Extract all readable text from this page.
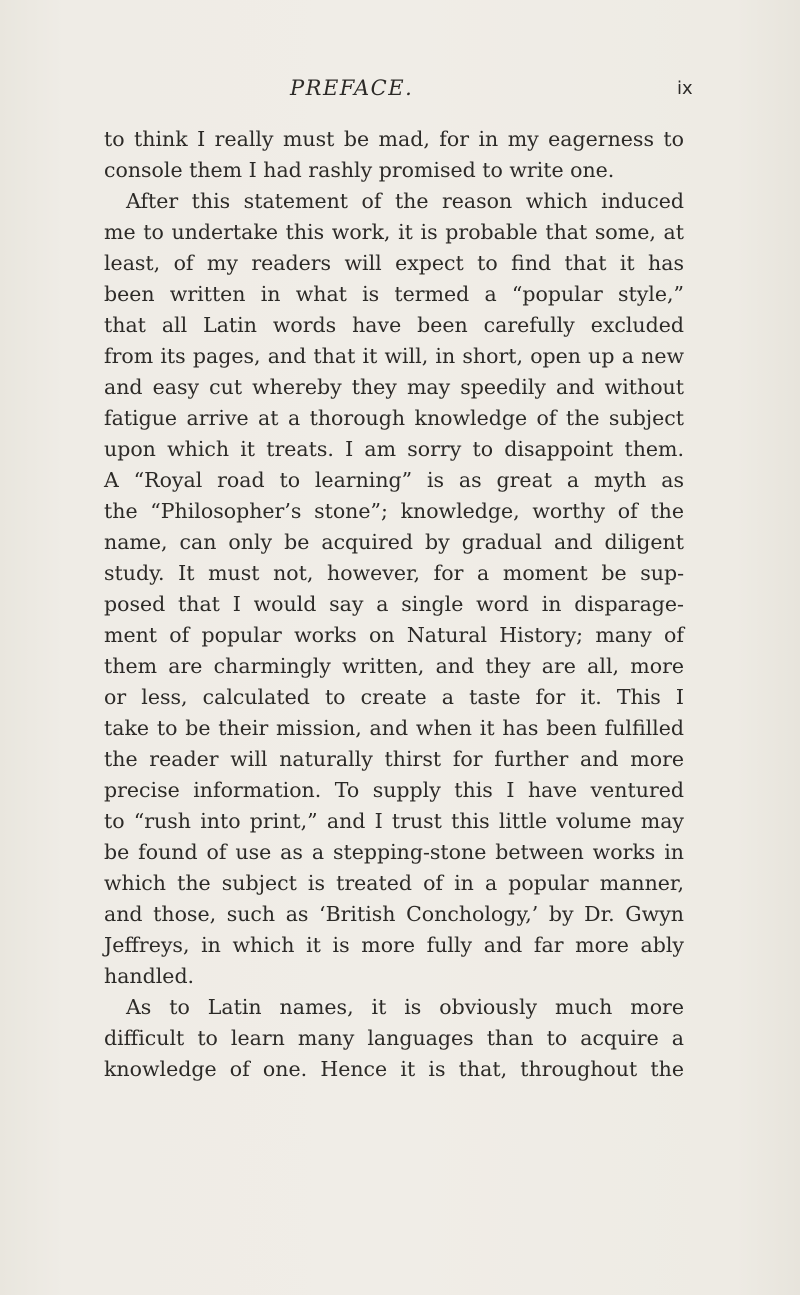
PREFACE.	ix
to think I really must be mad, for in my eagerness to
console them I had rashly promised to write one.
After this statement of the reason which induced
me to undertake this work, it is probable that some, at
least, of my readers will expect to find that it has
been written in what is termed a “popular style,”
that all Latin words have been carefully excluded
from its pages, and that it will, in short, open up a new
and easy cut whereby they may speedily and without
fatigue arrive at a thorough knowledge of the subject
upon which it treats. I am sorry to disappoint them.
A “Royal road to learning” is as great a myth as
the “Philosopher’s stone”; knowledge, worthy of the
name, can only be acquired by gradual and diligent
study. It must not, however, for a moment be sup-
posed that I would say a single word in disparage-
ment of popular works on Natural History; many of
them are charmingly written, and they are all, more
or less, calculated to create a taste for it. This I
take to be their mission, and when it has been fulfilled
the reader will naturally thirst for further and more
precise information. To supply this I have ventured
to “rush into print,” and I trust this little volume may
be found of use as a stepping-stone between works in
which the subject is treated of in a popular manner,
and those, such as ‘British Conchology,’ by Dr. Gwyn
Jeffreys, in which it is more fully and far more ably
handled.
As to Latin names, it is obviously much more
difficult to learn many languages than to acquire a
knowledge of one. Hence it is that, throughout the
